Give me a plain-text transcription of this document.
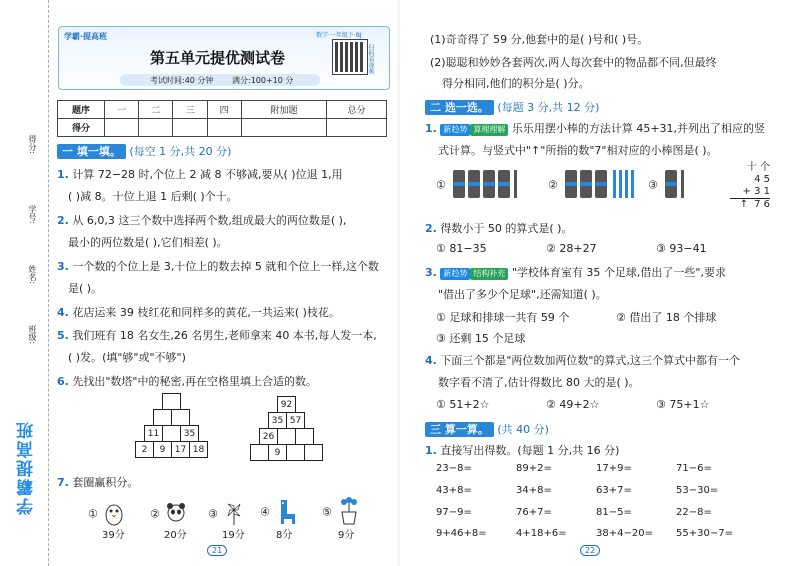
得分:
学号:
姓名:
班级:
学霸提高班
学霸·提高班
第五单元提优测试卷
数学·一年级下·BJ
扫码看视频
考试时间:40 分钟 满分:100+10 分
题序	一	二	三	四	附加题	总分
得分						
一 填一填。 (每空 1 分,共 20 分)
1. 计算 72−28 时,个位上 2 减 8 不够减,要从( )位退 1,用
( )减 8。十位上退 1 后剩( )个十。
2. 从 6,0,3 这三个数中选择两个数,组成最大的两位数是( ),
最小的两位数是( ),它们相差( )。
3. 一个数的个位上是 3,十位上的数去掉 5 就和个位上一样,这个数
是( )。
4. 花店运来 39 枝红花和同样多的黄花,一共运来( )枝花。
5. 我们班有 18 名女生,26 名男生,老师拿来 40 本书,每人发一本,
( )发。(填"够"或"不够")
6. 先找出"数塔"中的秘密,再在空格里填上合适的数。

11		35
2	9	17	18
92
35	57
26		
	9		
7. 套圈赢积分。
①
39分
②
20分
③
19分
④
8分
⑤
9分
21
(1)奇奇得了 59 分,他套中的是( )号和( )号。
(2)聪聪和妙妙各套两次,两人每次套中的物品都不同,但最终
得分相同,他们的积分是( )分。
二 选一选。 (每题 3 分,共 12 分)
1. 新趋势 算理理解 乐乐用摆小棒的方法计算 45+31,并列出了相应的竖
式计算。与竖式中"↑"所指的数"7"相对应的小棒图是( )。
①	②	③
十 个
4 5
+ 3 1
↑ 7 6
2. 得数小于 50 的算式是( )。
① 81−35	② 28+27	③ 93−41
3. 新趋势 结构补充 "学校体育室有 35 个足球,借出了一些",要求
"借出了多少个足球",还需知道( )。
① 足球和排球一共有 59 个	② 借出了 18 个排球
③ 还剩 15 个足球
4. 下面三个都是"两位数加两位数"的算式,这三个算式中都有一个
数字看不清了,估计得数比 80 大的是( )。
① 51+2☆	② 49+2☆	③ 75+1☆
三 算一算。 (共 40 分)
1. 直接写出得数。(每题 1 分,共 16 分)
23−8=	89+2=	17+9=	71−6=
43+8=	34+8=	63+7=	53−30=
97−9=	76+7=	81−5=	22−8=
9+46+8=	4+18+6=	38+4−20= 55+30−7=
22
